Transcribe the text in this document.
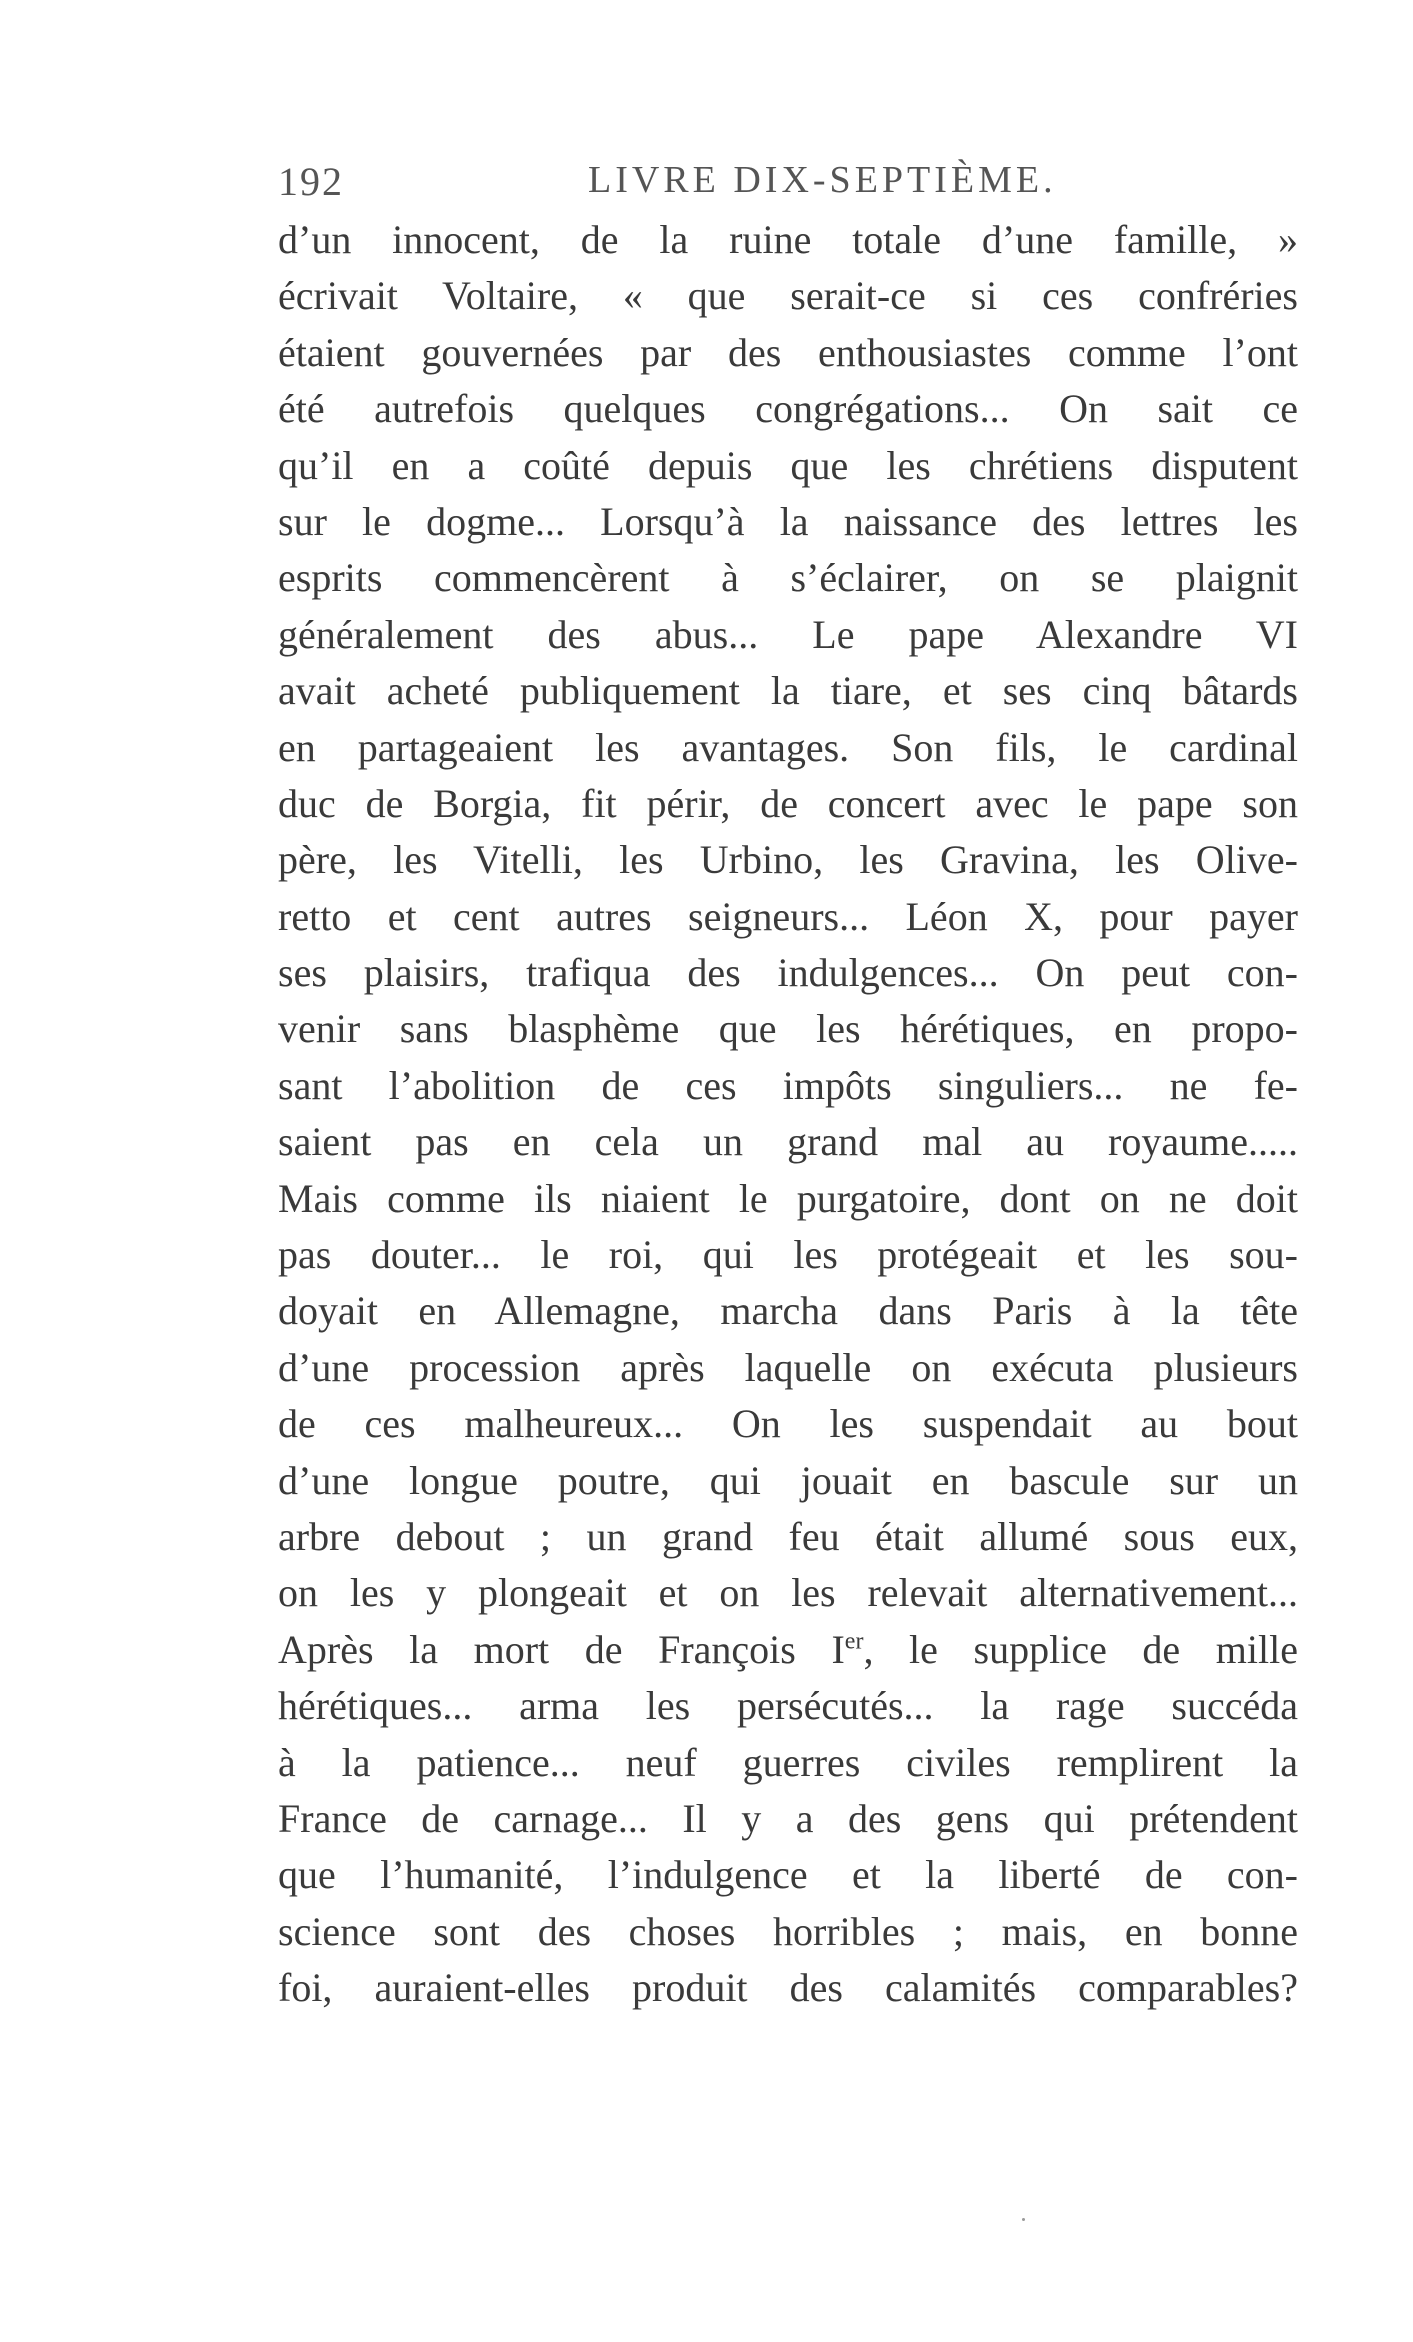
192	LIVRE DIX-SEPTIÈME.
d’un innocent, de la ruine totale d’une famille, »
écrivait Voltaire, « que serait-ce si ces confréries
étaient gouvernées par des enthousiastes comme l’ont
été autrefois quelques congrégations... On sait ce
qu’il en a coûté depuis que les chrétiens disputent
sur le dogme... Lorsqu’à la naissance des lettres les
esprits commencèrent à s’éclairer, on se plaignit
généralement des abus... Le pape Alexandre VI
avait acheté publiquement la tiare, et ses cinq bâtards
en partageaient les avantages. Son fils, le cardinal
duc de Borgia, fit périr, de concert avec le pape son
père, les Vitelli, les Urbino, les Gravina, les Olive-
retto et cent autres seigneurs... Léon X, pour payer
ses plaisirs, trafiqua des indulgences... On peut con-
venir sans blasphème que les hérétiques, en propo-
sant l’abolition de ces impôts singuliers... ne fe-
saient pas en cela un grand mal au royaume.....
Mais comme ils niaient le purgatoire, dont on ne doit
pas douter... le roi, qui les protégeait et les sou-
doyait en Allemagne, marcha dans Paris à la tête
d’une procession après laquelle on exécuta plusieurs
de ces malheureux... On les suspendait au bout
d’une longue poutre, qui jouait en bascule sur un
arbre debout ; un grand feu était allumé sous eux,
on les y plongeait et on les relevait alternativement...
Après la mort de François Ier, le supplice de mille
hérétiques... arma les persécutés... la rage succéda
à la patience... neuf guerres civiles remplirent la
France de carnage... Il y a des gens qui prétendent
que l’humanité, l’indulgence et la liberté de con-
science sont des choses horribles ; mais, en bonne
foi, auraient-elles produit des calamités comparables?
